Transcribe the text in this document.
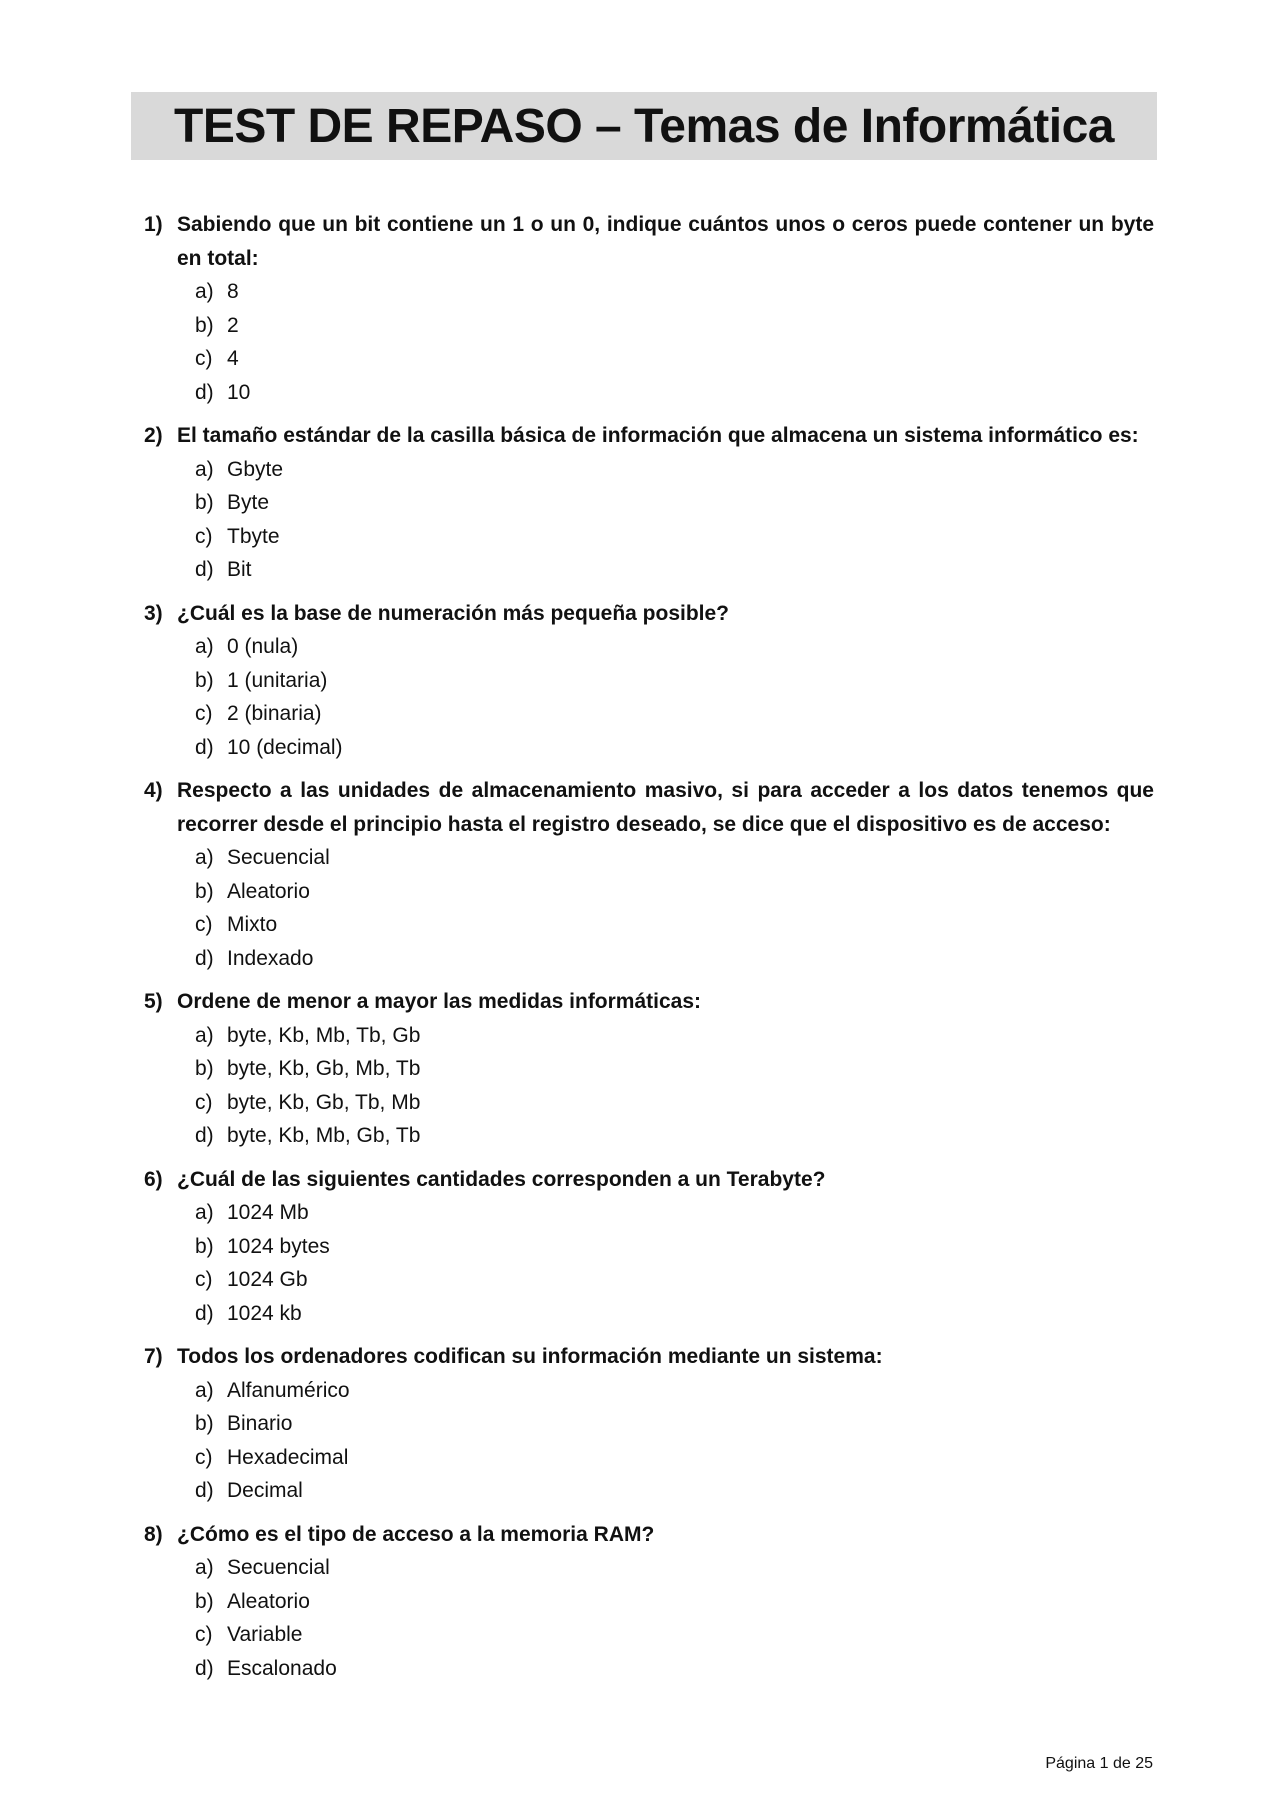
TEST DE REPASO – Temas de Informática
1) Sabiendo que un bit contiene un 1 o un 0, indique cuántos unos o ceros puede contener un byte en total:
a) 8
b) 2
c) 4
d) 10
2) El tamaño estándar de la casilla básica de información que almacena un sistema informático es:
a) Gbyte
b) Byte
c) Tbyte
d) Bit
3) ¿Cuál es la base de numeración más pequeña posible?
a) 0 (nula)
b) 1 (unitaria)
c) 2 (binaria)
d) 10 (decimal)
4) Respecto a las unidades de almacenamiento masivo, si para acceder a los datos tenemos que recorrer desde el principio hasta el registro deseado, se dice que el dispositivo es de acceso:
a) Secuencial
b) Aleatorio
c) Mixto
d) Indexado
5) Ordene de menor a mayor las medidas informáticas:
a) byte, Kb, Mb, Tb, Gb
b) byte, Kb, Gb, Mb, Tb
c) byte, Kb, Gb, Tb, Mb
d) byte, Kb, Mb, Gb, Tb
6) ¿Cuál de las siguientes cantidades corresponden a un Terabyte?
a) 1024 Mb
b) 1024 bytes
c) 1024 Gb
d) 1024 kb
7) Todos los ordenadores codifican su información mediante un sistema:
a) Alfanumérico
b) Binario
c) Hexadecimal
d) Decimal
8) ¿Cómo es el tipo de acceso a la memoria RAM?
a) Secuencial
b) Aleatorio
c) Variable
d) Escalonado
Página 1 de 25
